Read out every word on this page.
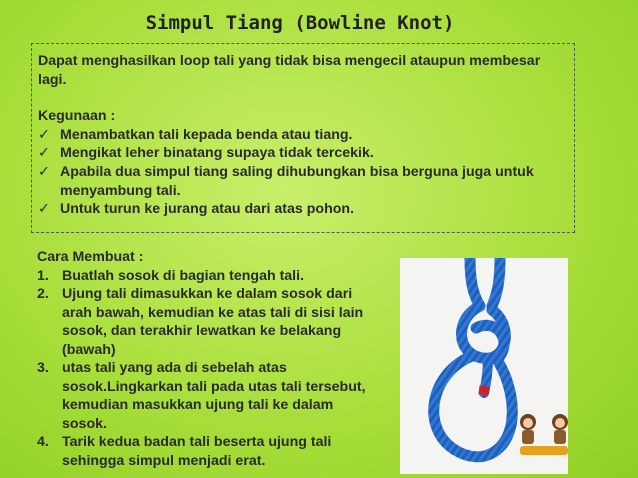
Simpul Tiang (Bowline Knot)

Dapat menghasilkan loop tali yang tidak bisa mengecil ataupun membesar lagi.

Kegunaan :

✓ Menambatkan tali kepada benda atau tiang.
✓ Mengikat leher binatang supaya tidak tercekik.
✓ Apabila dua simpul tiang saling dihubungkan bisa berguna juga untuk menyambung tali.
✓ Untuk turun ke jurang atau dari atas pohon.

Cara Membuat :

1. Buatlah sosok di bagian tengah tali.
2. Ujung tali dimasukkan ke dalam sosok dari arah bawah, kemudian ke atas tali di sisi lain sosok, dan terakhir lewatkan ke belakang (bawah)
3. utas tali yang ada di sebelah atas sosok.Lingkarkan tali pada utas tali tersebut, kemudian masukkan ujung tali ke dalam sosok.
4. Tarik kedua badan tali beserta ujung tali sehingga simpul menjadi erat.
